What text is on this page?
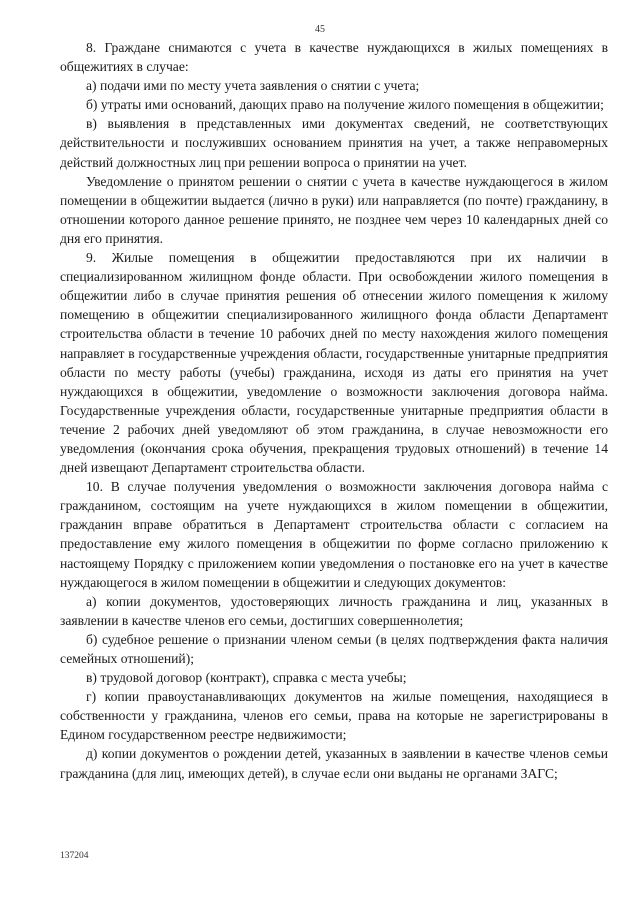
45

8. Граждане снимаются с учета в качестве нуждающихся в жилых помещениях в общежитиях в случае:

а) подачи ими по месту учета заявления о снятии с учета;

б) утраты ими оснований, дающих право на получение жилого помещения в общежитии;

в) выявления в представленных ими документах сведений, не соответствующих действительности и послуживших основанием принятия на учет, а также неправомерных действий должностных лиц при решении вопроса о принятии на учет.

Уведомление о принятом решении о снятии с учета в качестве нуждающегося в жилом помещении в общежитии выдается (лично в руки) или направляется (по почте) гражданину, в отношении которого данное решение принято, не позднее чем через 10 календарных дней со дня его принятия.

9. Жилые помещения в общежитии предоставляются при их наличии в специализированном жилищном фонде области. При освобождении жилого помещения в общежитии либо в случае принятия решения об отнесении жилого помещения к жилому помещению в общежитии специализированного жилищного фонда области Департамент строительства области в течение 10 рабочих дней по месту нахождения жилого помещения направляет в государственные учреждения области, государственные унитарные предприятия области по месту работы (учебы) гражданина, исходя из даты его принятия на учет нуждающихся в общежитии, уведомление о возможности заключения договора найма. Государственные учреждения области, государственные унитарные предприятия области в течение 2 рабочих дней уведомляют об этом гражданина, в случае невозможности его уведомления (окончания срока обучения, прекращения трудовых отношений) в течение 14 дней извещают Департамент строительства области.

10. В случае получения уведомления о возможности заключения договора найма с гражданином, состоящим на учете нуждающихся в жилом помещении в общежитии, гражданин вправе обратиться в Департамент строительства области с согласием на предоставление ему жилого помещения в общежитии по форме согласно приложению к настоящему Порядку с приложением копии уведомления о постановке его на учет в качестве нуждающегося в жилом помещении в общежитии и следующих документов:

а) копии документов, удостоверяющих личность гражданина и лиц, указанных в заявлении в качестве членов его семьи, достигших совершеннолетия;

б) судебное решение о признании членом семьи (в целях подтверждения факта наличия семейных отношений);

в) трудовой договор (контракт), справка с места учебы;

г) копии правоустанавливающих документов на жилые помещения, находящиеся в собственности у гражданина, членов его семьи, права на которые не зарегистрированы в Едином государственном реестре недвижимости;

д) копии документов о рождении детей, указанных в заявлении в качестве членов семьи гражданина (для лиц, имеющих детей), в случае если они выданы не органами ЗАГС;

137204
